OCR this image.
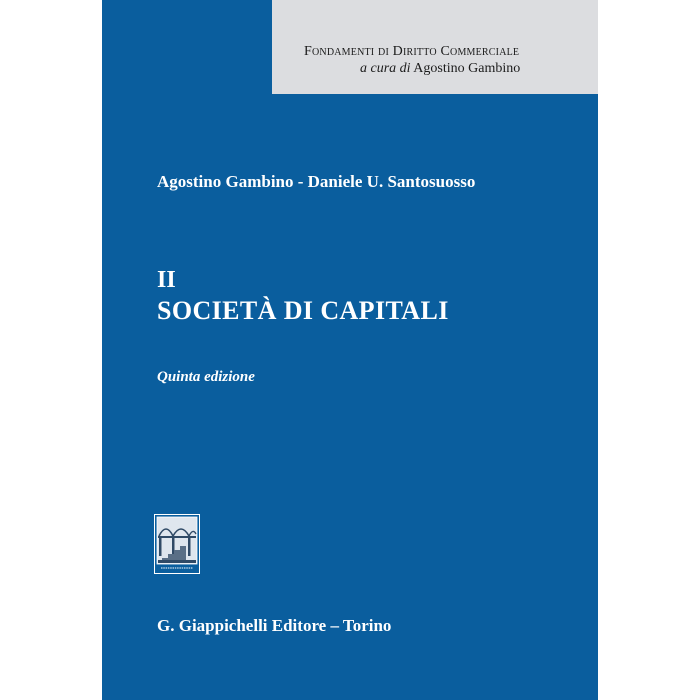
Fondamenti di Diritto Commerciale
a cura di Agostino Gambino
Agostino Gambino - Daniele U. Santosuosso
II
SOCIETÀ DI CAPITALI
Quinta edizione
G. Giappichelli Editore – Torino
